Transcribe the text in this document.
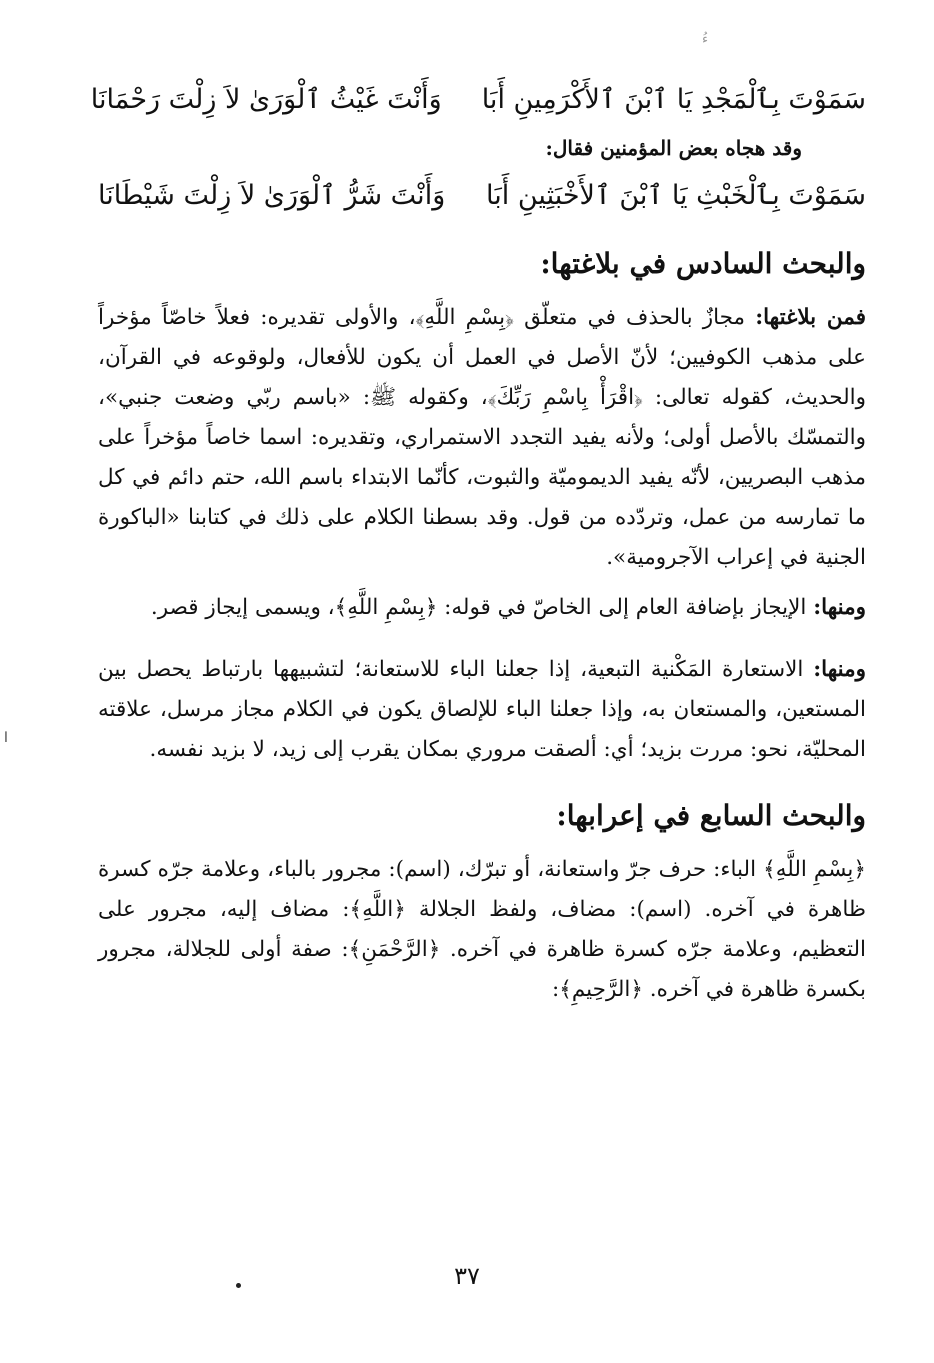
ءُ
سَمَوْتَ بِٱلْمَجْدِ يَا ٱبْنَ ٱلأَكْرَمِينِ أَبَا
وَأَنْتَ غَيْثُ ٱلْوَرَىٰ لاَ زِلْتَ رَحْمَانَا
وقد هجاه بعض المؤمنين فقال:
سَمَوْتَ بِٱلْخَبْثِ يَا ٱبْنَ ٱلأَخْبَثِينِ أَبَا
وَأَنْتَ شَرُّ ٱلْوَرَىٰ لاَ زِلْتَ شَيْطَانَا
والبحث السادس في بلاغتها:

فمن بلاغتها: مجازٌ بالحذف في متعلّق ﴿بِسْمِ اللَّهِ﴾، والأولى تقديره: فعلاً خاصّاً مؤخراً على مذهب الكوفيين؛ لأنّ الأصل في العمل أن يكون للأفعال، ولوقوعه في القرآن، والحديث، كقوله تعالى: ﴿اقْرَأْ بِاسْمِ رَبِّكَ﴾، وكقوله ﷺ: «باسم ربّي وضعت جنبي»، والتمسّك بالأصل أولى؛ ولأنه يفيد التجدد الاستمراري، وتقديره: اسما خاصاً مؤخراً على مذهب البصريين، لأنّه يفيد الديموميّة والثبوت، كأنّما الابتداء باسم الله، حتم دائم في كل ما تمارسه من عمل، وتردّده من قول. وقد بسطنا الكلام على ذلك في كتابنا «الباكورة الجنية في إعراب الآجرومية».

ومنها: الإيجاز بإضافة العام إلى الخاصّ في قوله: ﴿بِسْمِ اللَّهِ﴾، ويسمى إيجاز قصر.

ومنها: الاستعارة المَكْنية التبعية، إذا جعلنا الباء للاستعانة؛ لتشبيهها بارتباط يحصل بين المستعين، والمستعان به، وإذا جعلنا الباء للإلصاق يكون في الكلام مجاز مرسل، علاقته المحليّة، نحو: مررت بزيد؛ أي: ألصقت مروري بمكان يقرب إلى زيد، لا بزيد نفسه.

والبحث السابع في إعرابها:

﴿بِسْمِ اللَّهِ﴾ الباء: حرف جرّ واستعانة، أو تبرّك، (اسم): مجرور بالباء، وعلامة جرّه كسرة ظاهرة في آخره. (اسم): مضاف، ولفظ الجلالة ﴿اللَّهِ﴾: مضاف إليه، مجرور على التعظيم، وعلامة جرّه كسرة ظاهرة في آخره. ﴿الرَّحْمَنِ﴾: صفة أولى للجلالة، مجرور بكسرة ظاهرة في آخره. ﴿الرَّحِيمِ﴾:

٣٧
ا
